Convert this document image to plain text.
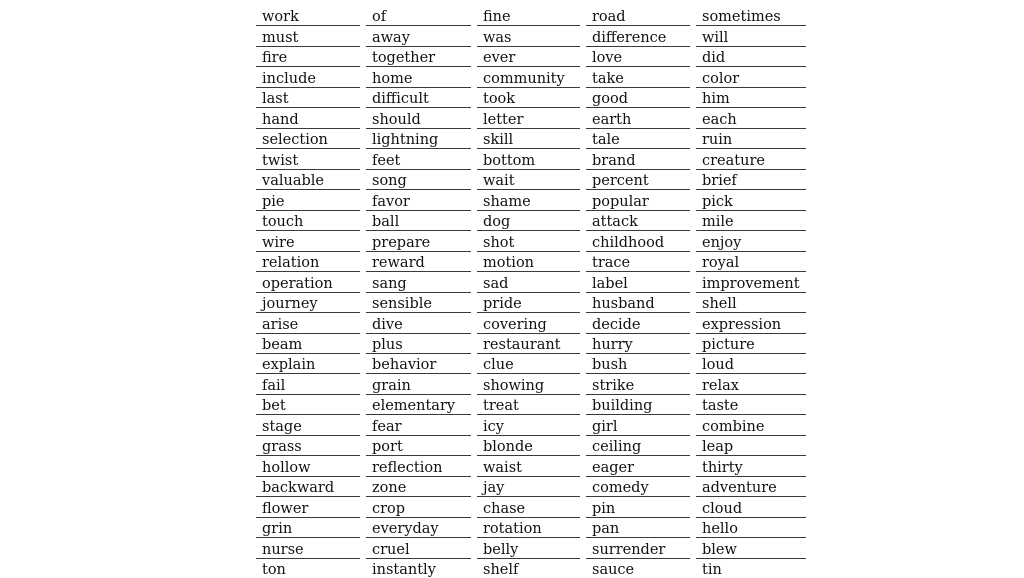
work	of	fine	road	sometimes
must	away	was	difference	will
fire	together	ever	love	did
include	home	community	take	color
last	difficult	took	good	him
hand	should	letter	earth	each
selection	lightning	skill	tale	ruin
twist	feet	bottom	brand	creature
valuable	song	wait	percent	brief
pie	favor	shame	popular	pick
touch	ball	dog	attack	mile
wire	prepare	shot	childhood	enjoy
relation	reward	motion	trace	royal
operation	sang	sad	label	improvement
journey	sensible	pride	husband	shell
arise	dive	covering	decide	expression
beam	plus	restaurant	hurry	picture
explain	behavior	clue	bush	loud
fail	grain	showing	strike	relax
bet	elementary	treat	building	taste
stage	fear	icy	girl	combine
grass	port	blonde	ceiling	leap
hollow	reflection	waist	eager	thirty
backward	zone	jay	comedy	adventure
flower	crop	chase	pin	cloud
grin	everyday	rotation	pan	hello
nurse	cruel	belly	surrender	blew
ton	instantly	shelf	sauce	tin
